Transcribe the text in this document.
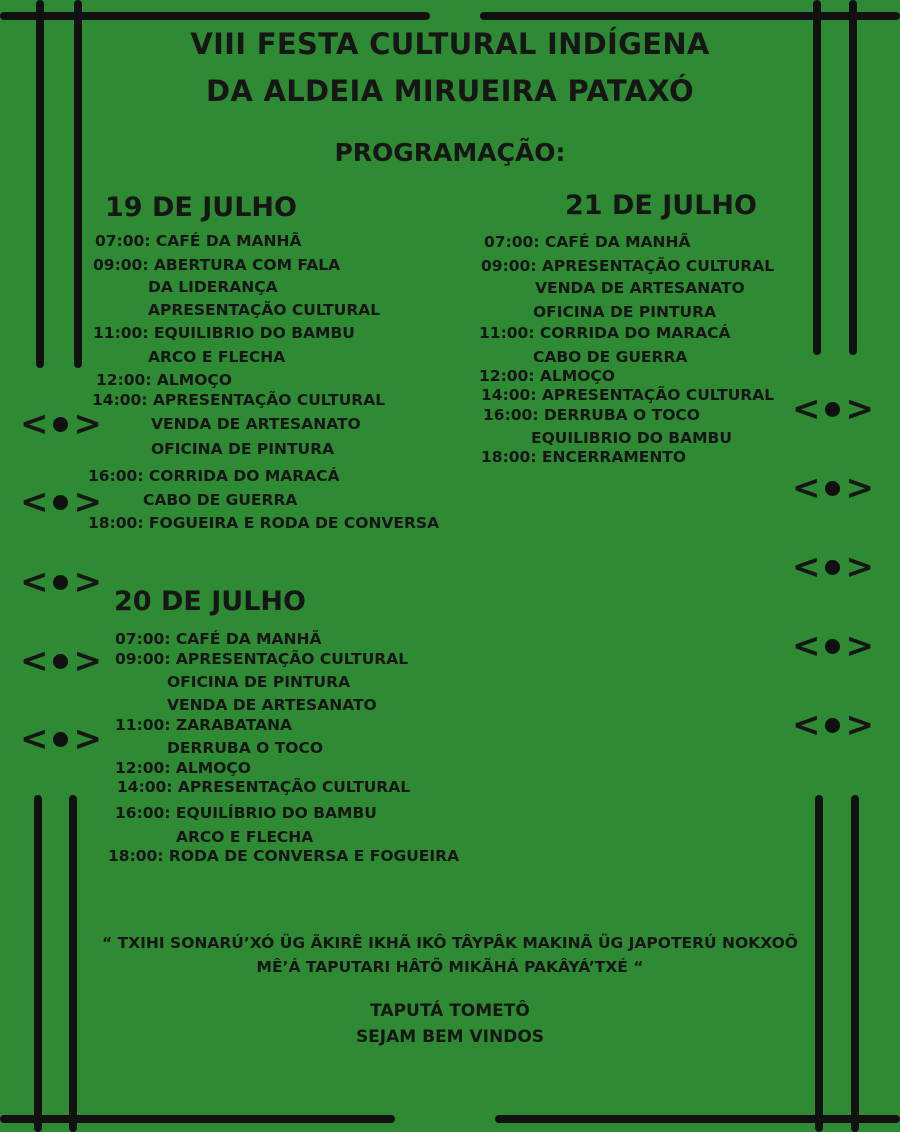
< >
< >
< >
< >
< >
< >
< >
< >
< >
< >
VIII FESTA CULTURAL INDÍGENA
DA ALDEIA MIRUEIRA PATAXÓ
PROGRAMAÇÃO:
19 DE JULHO
07:00: CAFÉ DA MANHÃ
09:00: ABERTURA COM FALA
DA LIDERANÇA
APRESENTAÇÃO CULTURAL
11:00: EQUILIBRIO DO BAMBU
ARCO E FLECHA
12:00: ALMOÇO
14:00: APRESENTAÇÃO CULTURAL
VENDA DE ARTESANATO
OFICINA DE PINTURA
16:00: CORRIDA DO MARACÁ
CABO DE GUERRA
18:00: FOGUEIRA E RODA DE CONVERSA
20 DE JULHO
07:00: CAFÉ DA MANHÃ
09:00: APRESENTAÇÃO CULTURAL
OFICINA DE PINTURA
VENDA DE ARTESANATO
11:00: ZARABATANA
DERRUBA O TOCO
12:00: ALMOÇO
14:00: APRESENTAÇÃO CULTURAL
16:00: EQUILÍBRIO DO BAMBU
ARCO E FLECHA
18:00: RODA DE CONVERSA E FOGUEIRA
21 DE JULHO
07:00: CAFÉ DA MANHÃ
09:00: APRESENTAÇÃO CULTURAL
VENDA DE ARTESANATO
OFICINA DE PINTURA
11:00: CORRIDA DO MARACÁ
CABO DE GUERRA
12:00: ALMOÇO
14:00: APRESENTAÇÃO CULTURAL
16:00: DERRUBA O TOCO
EQUILIBRIO DO BAMBU
18:00: ENCERRAMENTO
“ TXIHI SONARÚ’XÓ ÜG ÃKIRÊ IKHÃ IKÔ TÂYPÂK MAKINÃ ÜG JAPOTERÚ NOKXOÕ
MÊ’Á TAPUTARI HÂTÕ MIKÃHÁ PAKÂYÁ’TXÉ “
TAPUTÁ TOMETÔ
SEJAM BEM VINDOS
